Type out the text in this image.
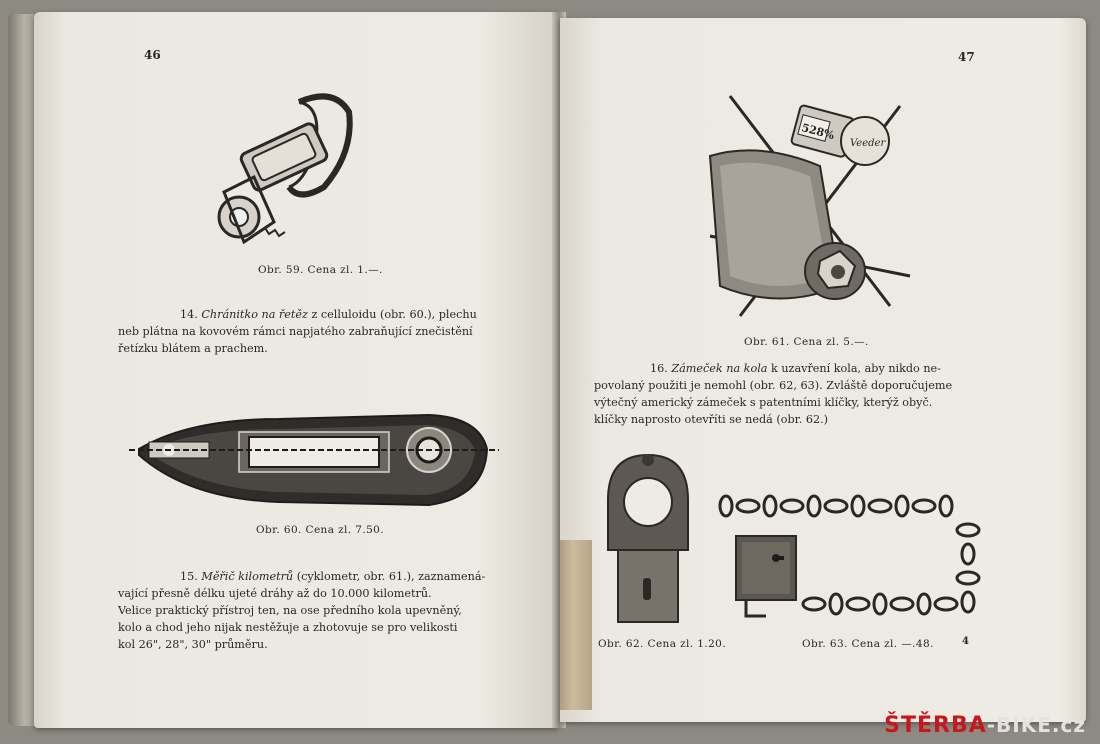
46
Obr. 59. Cena zl. 1.—.
14. Chránitko na řetěz z celluloidu (obr. 60.), plechu
neb plátna na kovovém rámci napjatého zabraňující znečistění
řetízku blátem a prachem.
Obr. 60. Cena zl. 7.50.
15. Měřič kilometrů (cyklometr, obr. 61.), zaznamená-
vající přesně délku ujeté dráhy až do 10.000 kilometrů.
Velice praktický přístroj ten, na ose předního kola upevněný,
kolo a chod jeho nijak nestěžuje a zhotovuje se pro velikosti
kol 26", 28", 30" průměru.
47
528%
Veeder
Obr. 61. Cena zl. 5.—.
16. Zámeček na kola k uzavření kola, aby nikdo ne-
povolaný použiti je nemohl (obr. 62, 63). Zvláště doporučujeme
výtečný americký zámeček s patentními klíčky, kterýž obyč.
klíčky naprosto otevříti se nedá (obr. 62.)
Obr. 62. Cena zl. 1.20.	Obr. 63. Cena zl. —.48.	4
ŠTĚRBA-BIKE.cz
